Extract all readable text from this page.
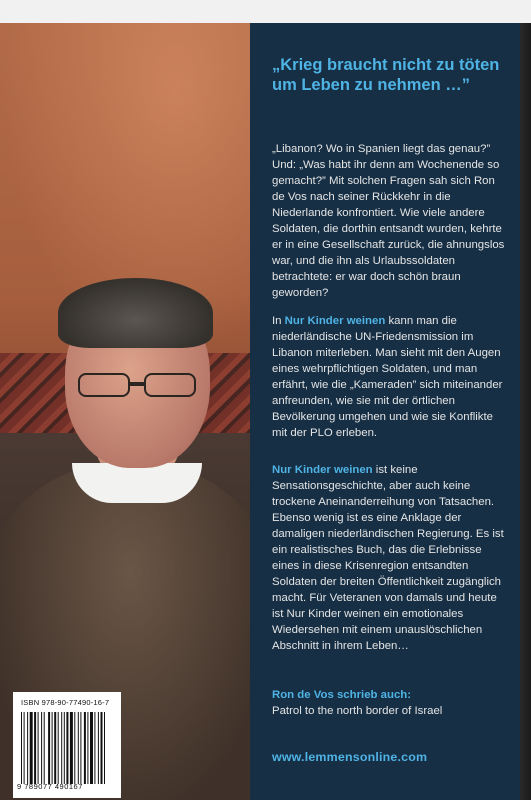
ISBN 978-90-77490-16-7
9 789077 490167
„Krieg braucht nicht zu töten um Leben zu nehmen …”

„Libanon? Wo in Spanien liegt das genau?” Und: „Was habt ihr denn am Wochenende so gemacht?” Mit solchen Fragen sah sich Ron de Vos nach seiner Rückkehr in die Niederlande konfrontiert. Wie viele andere Soldaten, die dorthin entsandt wurden, kehrte er in eine Gesellschaft zurück, die ahnungslos war, und die ihn als Urlaubssoldaten betrachtete: er war doch schön braun geworden?

In Nur Kinder weinen kann man die niederländische UN-Friedensmission im Libanon miterleben. Man sieht mit den Augen eines wehrpflichtigen Soldaten, und man erfährt, wie die „Kameraden” sich miteinander anfreunden, wie sie mit der örtlichen Bevölkerung umgehen und wie sie Konflikte mit der PLO erleben.

Nur Kinder weinen ist keine Sensationsgeschichte, aber auch keine trockene Aneinanderreihung von Tatsachen. Ebenso wenig ist es eine Anklage der damaligen niederländischen Regierung. Es ist ein realistisches Buch, das die Erlebnisse eines in diese Krisenregion entsandten Soldaten der breiten Öffentlichkeit zugänglich macht. Für Veteranen von damals und heute ist Nur Kinder weinen ein emotionales Wiedersehen mit einem unauslöschlichen Abschnitt in ihrem Leben…

Ron de Vos schrieb auch:
Patrol to the north border of Israel
www.lemmensonline.com
